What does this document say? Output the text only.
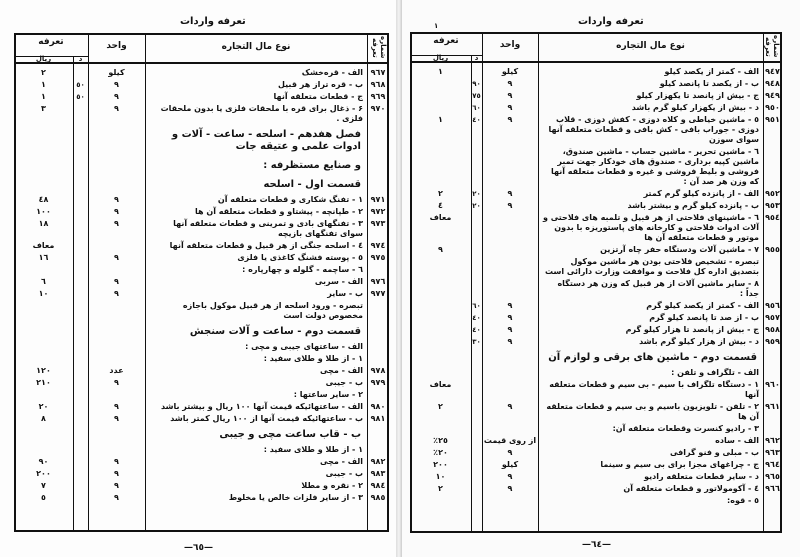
تعرفه واردات
—٦٥—
شماره تعرفه
نوع مال التجاره
واحد
تعرفه
ریال	د
٩٦٧
الف - قره‌خشک
کیلو
٢
٩٦٨
ب - قره تراز هر قبیل
٩
٥٠
١
٩٦٩
ج - قطعات متعلقه آنها
٩
٥٠
١
٩٧٠
۶ - ذغال برای قره با ملحقات فلزی یا بدون ملحقات فلزی .
٩
٣
فصل هفدهم - اسلحه - ساعت - آلات و ادوات علمی و عتیقه جات
و صنایع مستظرفه :
قسمت اول - اسلحه
٩٧١
١ - تفنگ شکاری و قطعات متعلقه آن
٩
٤٨
٩٧٢
٢ - طپانچه - پیشتاو و قطعات متعلقه آن ها
٩
١٠٠
٩٧٣
٣ - تفنگهای بادی و تمرینی و قطعات متعلقه آنها سوای تفنگهای بازیچه
٩
١٨
٩٧٤
٤ - اسلحه جنگی از هر قبیل و قطعات متعلقه آنها
معاف
٩٧٥
٥ - پوسته فشنگ کاغذی یا فلزی
٩
١٦
٦ - ساچمه - گلوله و چهارپاره :
٩٧٦
الف - سربی
٩
٦
٩٧٧
ب - سایر
٩
١٠
تبصره - ورود اسلحه از هر قبیل موکول باجازه مخصوص دولت است
قسمت دوم - ساعت و آلات سنجش
الف - ساعتهای جیبی و مچی :
١ - از طلا و طلای سفید :
٩٧٨
الف - مچی
عدد
١٢٠
٩٧٩
ب - جیبی
٩
٢١٠
٢ - سایر ساعتها :
٩٨٠
الف - ساعتهائیکه قیمت آنها ١٠٠ ریال و بیشتر باشد
٩
٢٠
٩٨١
ب - ساعتهائیکه قیمت آنها از ١٠٠ ریال کمتر باشد
٩
٨
ب - قاب ساعت مچی و جیبی
١ - از طلا و طلای سفید :
٩٨٢
الف - مچی
٩
٩٠
٩٨٣
ب - جیبی
٩
٢٠٠
٩٨٤
٢ - نقره و مطلا
٩
٧
٩٨٥
٣ - از سایر فلزات خالص یا مخلوط
٩
٥
تعرفه واردات
١
—٦٤—
شماره تعرفه
نوع مال التجاره
واحد
تعرفه
ریال	د
٩٤٧
الف - کمتر از یکصد کیلو
کیلو
١
٩٤٨
ب - از یکصد تا پانصد کیلو
٩
٩٠
٩٤٩
ج - بیش از پانصد تا یکهزار کیلو
٩
٧٥
٩٥٠
د - بیش از یکهزار کیلو گرم باشد
٩
٦٠
٩٥١
٥ - ماشین خیاطی و کلاه دوزی - کفش دوزی - قلاب دوزی - جوراب بافی - کش بافی و قطعات متعلقه آنها سوای سوزن
٩
٤٠
١
٦ - ماشین تحریر - ماشین حساب - ماشین صندوق، ماشین کپیه برداری - صندوق های خودکار جهت تمبر فروشی و بلیط فروشی و غیره و قطعات متعلقه آنها که وزن هر صد آن :
٩٥٢
الف - از پانزده کیلو گرم کمتر
٩
٢٠
٢
٩٥٣
ب - پانزده کیلو گرم و بیشتر باشد
٩
٢٠
٤
٩٥٤
٦ - ماشینهای فلاحتی از هر قبیل و تلمبه های فلاحتی و آلات ادوات فلاحتی و کارخانه های پاستوریزه با بدون موتور و قطعات متعلقه آن ها
معاف
٩٥٥
٧ - ماشین آلات ودستگاه حفر چاه آرتزین
٩
تبصره - تشخیص فلاحتی بودن هر ماشین موکول بتصدیق اداره کل فلاحت و موافقت وزارت دارائی است
٨ - سایر ماشین آلات از هر قبیل که وزن هر دستگاه جداً :
٩٥٦
الف - کمتر از یکصد کیلو گرم
٩
٦٠
٩٥٧
ب - از صد تا پانصد کیلو گرم
٩
٤٠
٩٥٨
ج - بیش از پانصد تا هزار کیلو گرم
٩
٤٠
٩٥٩
د - بیش از هزار کیلو گرم باشد
٩
٣٠
قسمت دوم - ماشین های برقی و لوازم آن
الف - تلگراف و تلفن :
٩٦٠
١ - دستگاه تلگراف با سیم - بی سیم و قطعات متعلقه آنها
معاف
٩٦١
٢ - تلفن - تلویزیون باسیم و بی سیم و قطعات متعلقه آن ها
٩
٢
٣ - رادیو کنسرت وقطعات متعلقه آن:
٩٦٢
الف - ساده
از روی قیمت
٢٥٪
٩٦٣
ب - مبلی و فنو گرافی
٩
٢٠٪
٩٦٤
ج - چراغهای مجزا برای بی سیم و سینما
کیلو
٢٠٠
٩٦٥
د - سایر قطعات متعلقه رادیو
٩
١٠
٩٦٦
٤ - آکومولاتور و قطعات متعلقه آن
٩
٢
٥ - قوه:
